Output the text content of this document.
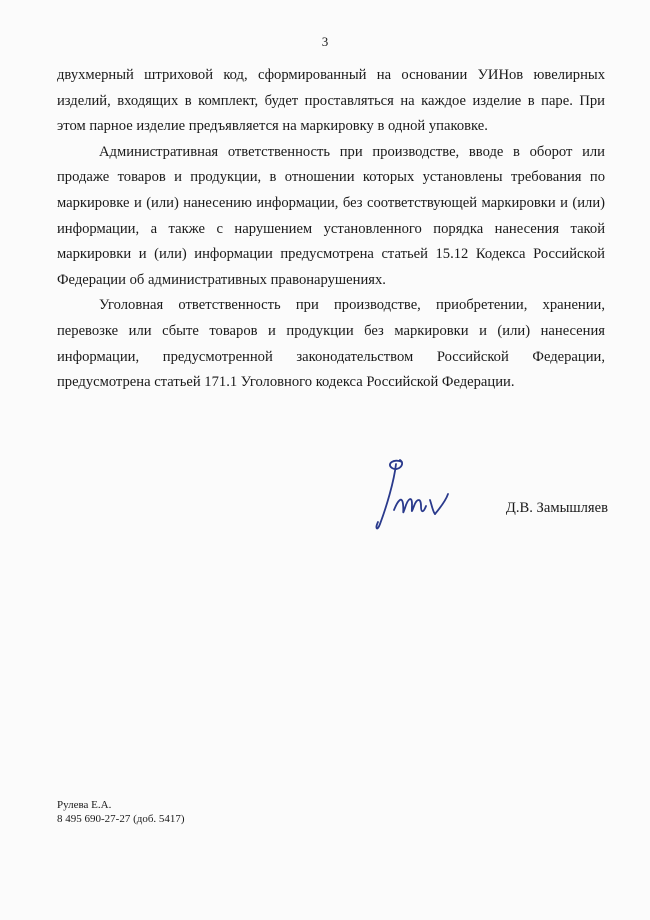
3

двухмерный штриховой код, сформированный на основании УИНов ювелирных изделий, входящих в комплект, будет проставляться на каждое изделие в паре. При этом парное изделие предъявляется на маркировку в одной упаковке.

Административная ответственность при производстве, вводе в оборот или продаже товаров и продукции, в отношении которых установлены требования по маркировке и (или) нанесению информации, без соответствующей маркировки и (или) информации, а также с нарушением установленного порядка нанесения такой маркировки и (или) информации предусмотрена статьей 15.12 Кодекса Российской Федерации об административных правонарушениях.

Уголовная ответственность при производстве, приобретении, хранении, перевозке или сбыте товаров и продукции без маркировки и (или) нанесения информации, предусмотренной законодательством Российской Федерации, предусмотрена статьей 171.1 Уголовного кодекса Российской Федерации.

Д.В. Замышляев
Рулева Е.А.
8 495 690-27-27 (доб. 5417)
